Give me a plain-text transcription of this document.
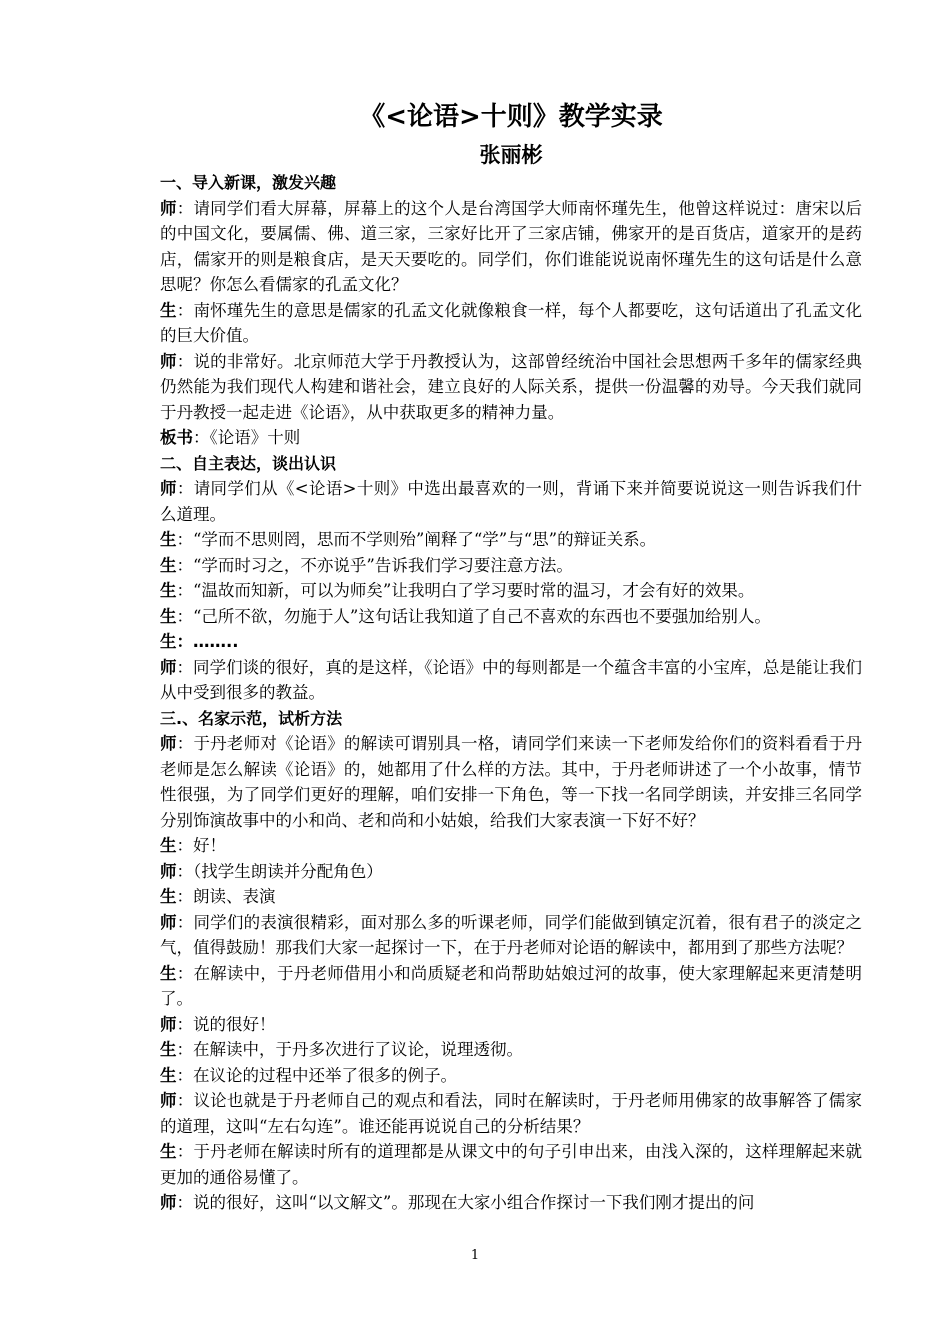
《<论语>十则》教学实录
张丽彬
一、导入新课，激发兴趣

师：请同学们看大屏幕，屏幕上的这个人是台湾国学大师南怀瑾先生，他曾这样说过：唐宋以后的中国文化，要属儒、佛、道三家，三家好比开了三家店铺，佛家开的是百货店，道家开的是药店，儒家开的则是粮食店，是天天要吃的。同学们，你们谁能说说南怀瑾先生的这句话是什么意思呢？你怎么看儒家的孔孟文化？

生：南怀瑾先生的意思是儒家的孔孟文化就像粮食一样，每个人都要吃，这句话道出了孔孟文化的巨大价值。

师：说的非常好。北京师范大学于丹教授认为，这部曾经统治中国社会思想两千多年的儒家经典仍然能为我们现代人构建和谐社会，建立良好的人际关系，提供一份温馨的劝导。今天我们就同于丹教授一起走进《论语》，从中获取更多的精神力量。

板书：《论语》十则

二、自主表达，谈出认识

师：请同学们从《<论语>十则》中选出最喜欢的一则，背诵下来并简要说说这一则告诉我们什么道理。

生：“学而不思则罔，思而不学则殆”阐释了“学”与“思”的辩证关系。

生：“学而时习之，不亦说乎”告诉我们学习要注意方法。

生：“温故而知新，可以为师矣”让我明白了学习要时常的温习，才会有好的效果。

生：“己所不欲，勿施于人”这句话让我知道了自己不喜欢的东西也不要强加给别人。

生：……..

师：同学们谈的很好，真的是这样，《论语》中的每则都是一个蕴含丰富的小宝库，总是能让我们从中受到很多的教益。

三.、名家示范，试析方法

师：于丹老师对《论语》的解读可谓别具一格，请同学们来读一下老师发给你们的资料看看于丹老师是怎么解读《论语》的，她都用了什么样的方法。其中，于丹老师讲述了一个小故事，情节性很强，为了同学们更好的理解，咱们安排一下角色，等一下找一名同学朗读，并安排三名同学分别饰演故事中的小和尚、老和尚和小姑娘，给我们大家表演一下好不好？

生：好！

师：（找学生朗读并分配角色）

生：朗读、表演

师：同学们的表演很精彩，面对那么多的听课老师，同学们能做到镇定沉着，很有君子的淡定之气，值得鼓励！那我们大家一起探讨一下，在于丹老师对论语的解读中，都用到了那些方法呢？

生：在解读中，于丹老师借用小和尚质疑老和尚帮助姑娘过河的故事，使大家理解起来更清楚明了。

师：说的很好！

生：在解读中，于丹多次进行了议论，说理透彻。

生：在议论的过程中还举了很多的例子。

师：议论也就是于丹老师自己的观点和看法，同时在解读时，于丹老师用佛家的故事解答了儒家的道理，这叫“左右勾连”。谁还能再说说自己的分析结果？

生：于丹老师在解读时所有的道理都是从课文中的句子引申出来，由浅入深的，这样理解起来就更加的通俗易懂了。

师：说的很好，这叫“以文解文”。那现在大家小组合作探讨一下我们刚才提出的问

1
